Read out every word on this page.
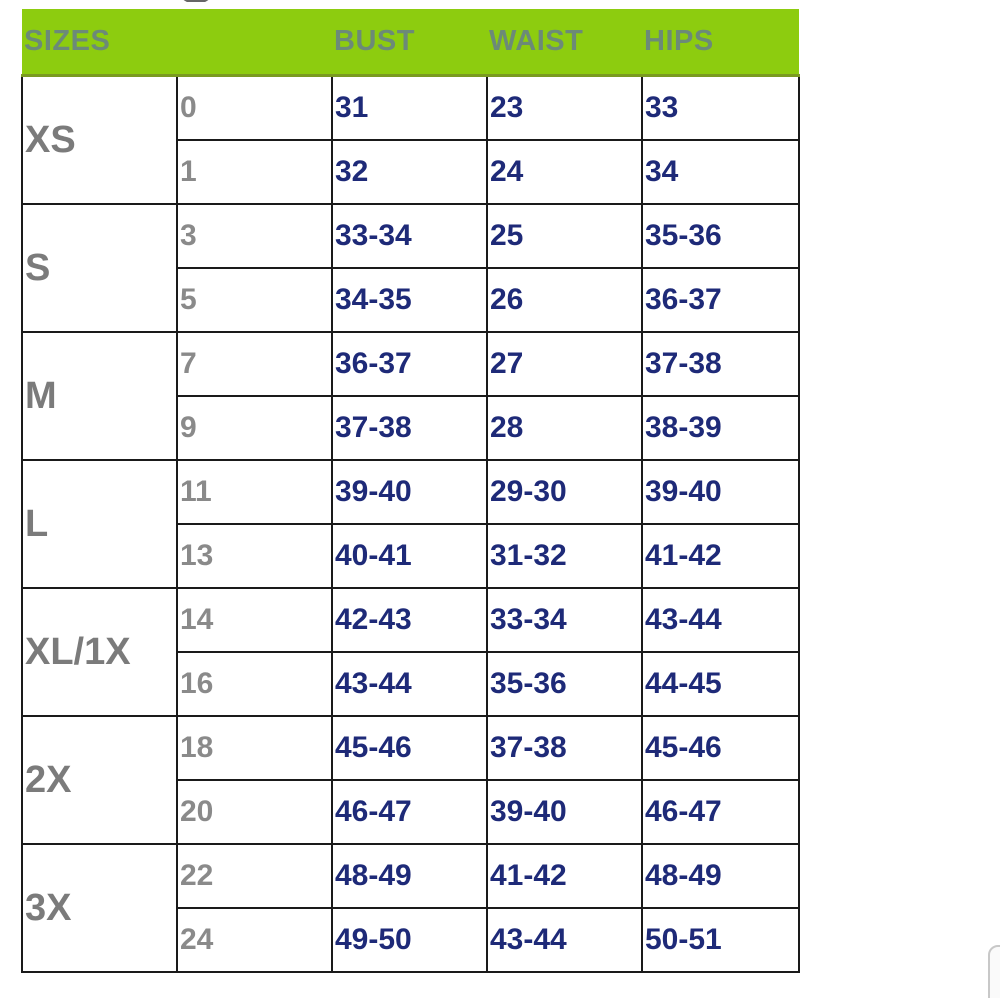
SIZES		BUST	WAIST	HIPS
XS	0	31	23	33
	1	32	24	34
S	3	33-34	25	35-36
	5	34-35	26	36-37
M	7	36-37	27	37-38
	9	37-38	28	38-39
L	11	39-40	29-30	39-40
	13	40-41	31-32	41-42
XL/1X	14	42-43	33-34	43-44
	16	43-44	35-36	44-45
2X	18	45-46	37-38	45-46
	20	46-47	39-40	46-47
3X	22	48-49	41-42	48-49
	24	49-50	43-44	50-51
